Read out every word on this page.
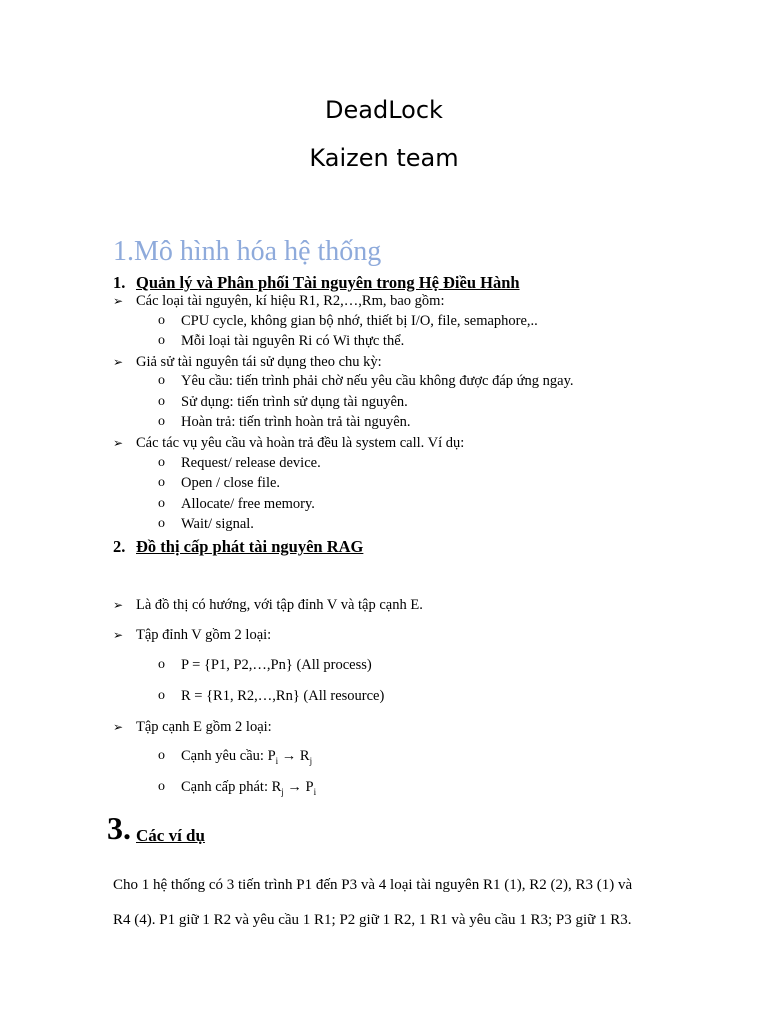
DeadLock
Kaizen team
1.Mô hình hóa hệ thống
1. Quản lý và Phân phối Tài nguyên trong Hệ Điều Hành
➢ Các loại tài nguyên, kí hiệu R1, R2,…,Rm, bao gồm:
o CPU cycle, không gian bộ nhớ, thiết bị I/O, file, semaphore,..
o Mỗi loại tài nguyên Ri có Wi thực thể.
➢ Giả sử tài nguyên tái sử dụng theo chu kỳ:
o Yêu cầu: tiến trình phải chờ nếu yêu cầu không được đáp ứng ngay.
o Sử dụng: tiến trình sử dụng tài nguyên.
o Hoàn trả: tiến trình hoàn trả tài nguyên.
➢ Các tác vụ yêu cầu và hoàn trả đều là system call. Ví dụ:
o Request/ release device.
o Open / close file.
o Allocate/ free memory.
o Wait/ signal.
2. Đồ thị cấp phát tài nguyên RAG
➢ Là đồ thị có hướng, với tập đỉnh V và tập cạnh E.
➢ Tập đỉnh V gồm 2 loại:
o P = {P1, P2,…,Pn} (All process)
o R = {R1, R2,…,Rn} (All resource)
➢ Tập cạnh E gồm 2 loại:
o Cạnh yêu cầu: $P_i \to R_j$
o Cạnh cấp phát: $R_j \to P_i$
3. Các ví dụ
Cho 1 hệ thống có 3 tiến trình P1 đến P3 và 4 loại tài nguyên R1 (1), R2 (2), R3 (1) và
R4 (4). P1 giữ 1 R2 và yêu cầu 1 R1; P2 giữ 1 R2, 1 R1 và yêu cầu 1 R3; P3 giữ 1 R3.
